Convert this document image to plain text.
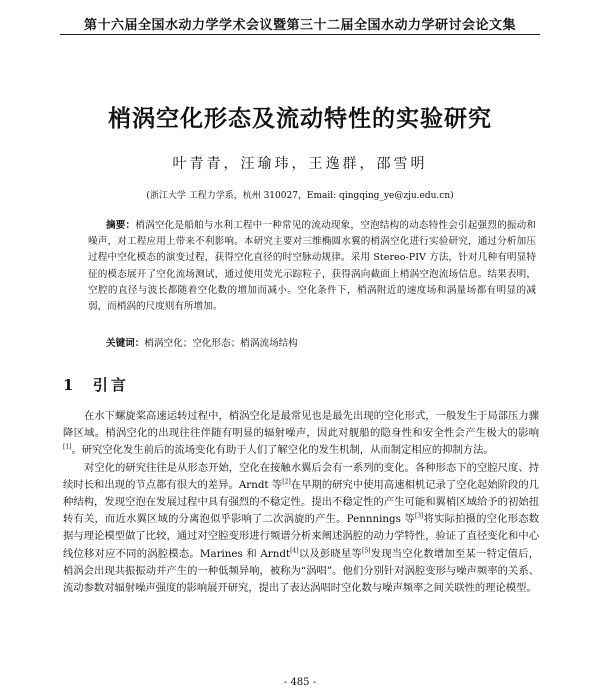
第十六届全国水动力学学术会议暨第三十二届全国水动力学研讨会论文集
梢涡空化形态及流动特性的实验研究
叶青青，汪瑜玮，王逸群，邵雪明
(浙江大学 工程力学系，杭州 310027，Email: qingqing_ye@zju.edu.cn)
摘要：梢涡空化是船舶与水利工程中一种常见的流动现象，空泡结构的动态特性会引起强烈的振动和噪声，对工程应用上带来不利影响。本研究主要对三维椭圆水翼的梢涡空化进行实验研究，通过分析加压过程中空化模态的演变过程，获得空化直径的时空脉动规律。采用 Stereo-PIV 方法，针对几种有明显特征的模态展开了空化流场测试，通过使用荧光示踪粒子，获得涡向截面上梢涡空泡流场信息。结果表明，空腔的直径与波长都随着空化数的增加而减小。空化条件下，梢涡附近的速度场和涡量场都有明显的减弱，而梢涡的尺度则有所增加。
关键词：梢涡空化；空化形态；梢涡流场结构
1 引言

在水下螺旋桨高速运转过程中，梢涡空化是最常见也是最先出现的空化形式，一般发生于局部压力骤降区域。梢涡空化的出现往往伴随有明显的辐射噪声，因此对舰船的隐身性和安全性会产生极大的影响[1]。研究空化发生前后的流场变化有助于人们了解空化的发生机制，从而制定相应的抑制方法。

对空化的研究往往是从形态开始，空化在接触水翼后会有一系列的变化。各种形态下的空腔尺度、持续时长和出现的节点都有很大的差异。Arndt 等[2]在早期的研究中使用高速相机记录了空化起始阶段的几种结构，发现空泡在发展过程中具有强烈的不稳定性。提出不稳定性的产生可能和翼梢区域给予的初始扭转有关，而近水翼区域的分离泡似乎影响了二次涡旋的产生。Pennnings 等[3]将实际拍摄的空化形态数据与理论模型做了比较，通过对空腔变形进行频谱分析来阐述涡腔的动力学特性，验证了直径变化和中心线位移对应不同的涡腔模态。Marines 和 Arndt[4]以及彭晓星等[5]发现当空化数增加至某一特定值后，梢涡会出现共振振动并产生的一种低频异响，被称为“涡唱”。他们分别针对涡腔变形与噪声频率的关系、流动参数对辐射噪声强度的影响展开研究，提出了表达涡唱时空化数与噪声频率之间关联性的理论模型。

- 485 -
